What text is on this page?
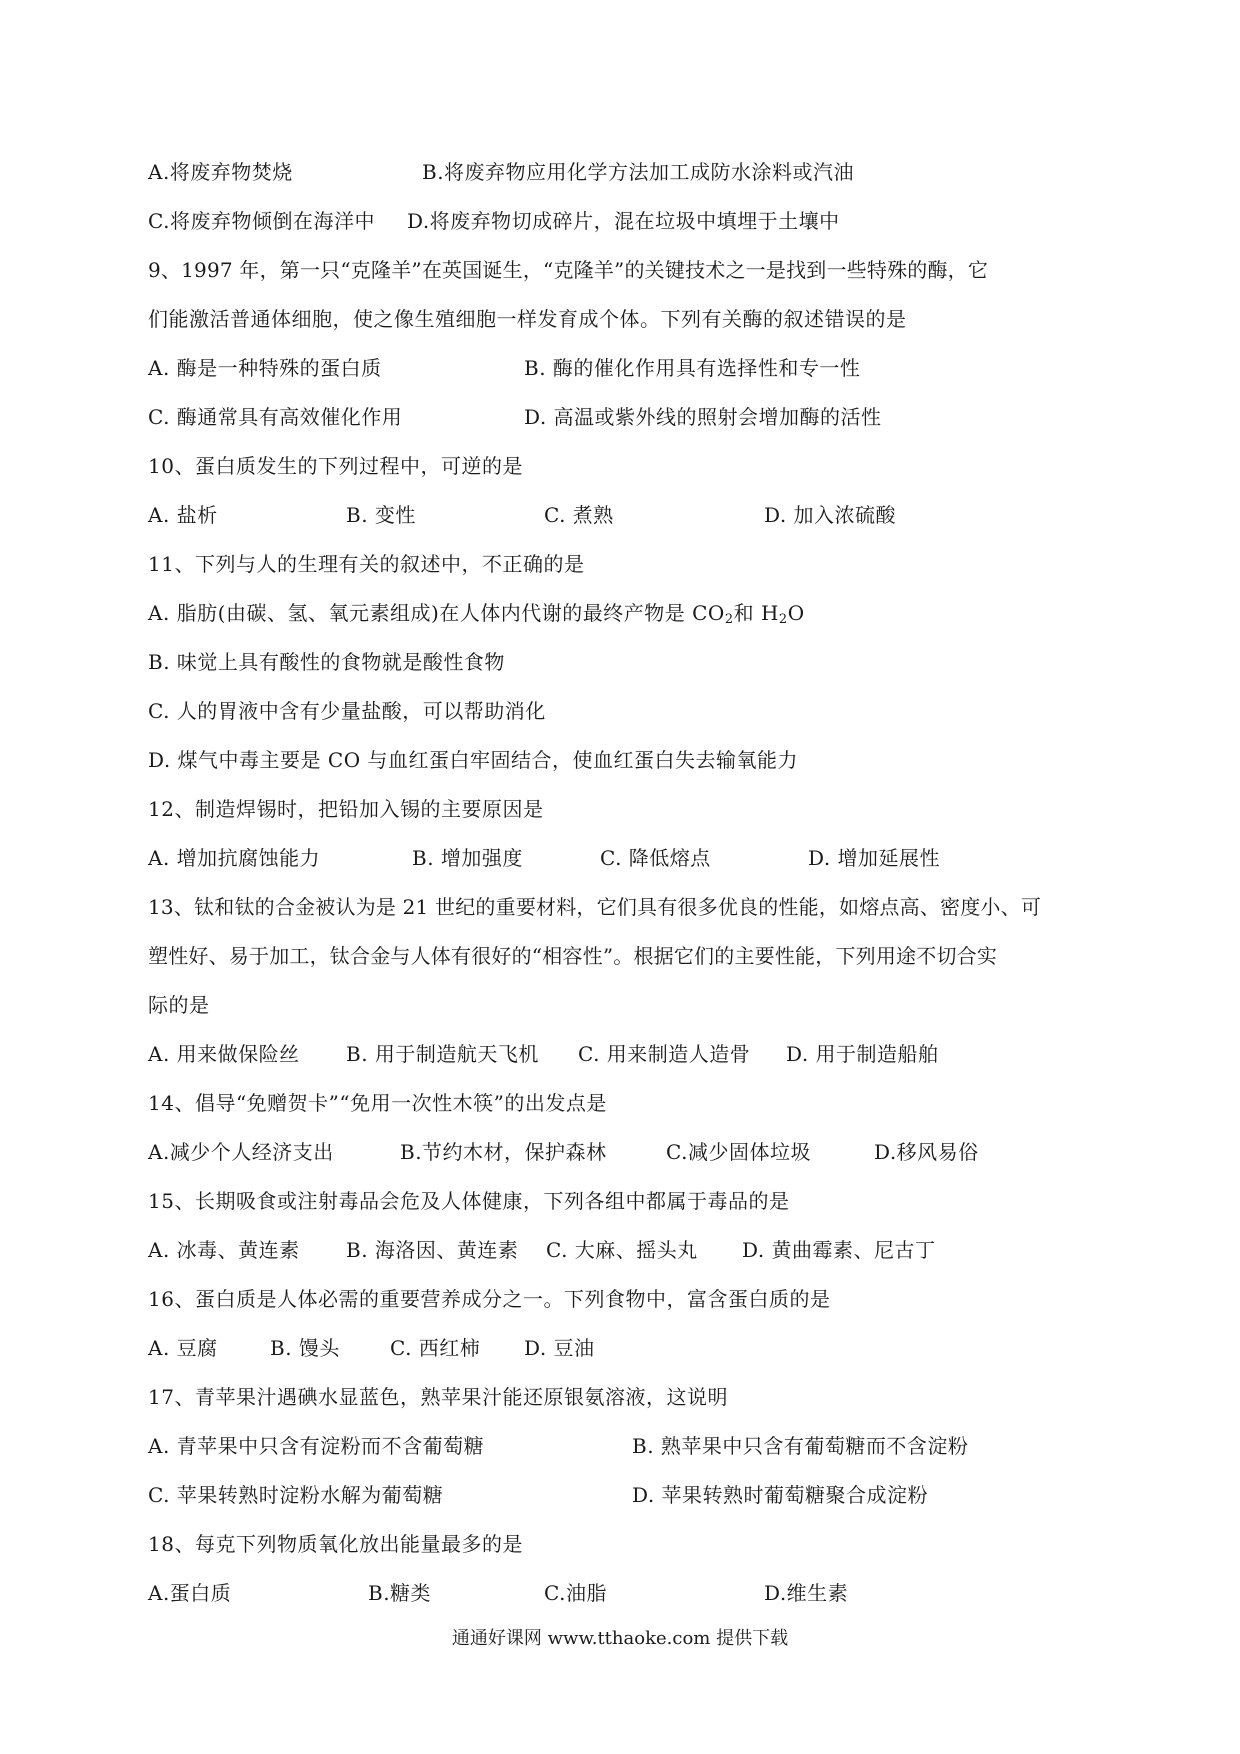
A.将废弃物焚烧	B.将废弃物应用化学方法加工成防水涂料或汽油
C.将废弃物倾倒在海洋中 D.将废弃物切成碎片，混在垃圾中填埋于土壤中
9、1997 年，第一只“克隆羊”在英国诞生，“克隆羊”的关键技术之一是找到一些特殊的酶，它
们能激活普通体细胞，使之像生殖细胞一样发育成个体。下列有关酶的叙述错误的是
A. 酶是一种特殊的蛋白质	B. 酶的催化作用具有选择性和专一性
C. 酶通常具有高效催化作用	D. 高温或紫外线的照射会增加酶的活性
10、蛋白质发生的下列过程中，可逆的是
A. 盐析	B. 变性	C. 煮熟	D. 加入浓硫酸
11、下列与人的生理有关的叙述中，不正确的是
A. 脂肪(由碳、氢、氧元素组成)在人体内代谢的最终产物是 $CO_2$和 $H_2O$
B. 味觉上具有酸性的食物就是酸性食物
C. 人的胃液中含有少量盐酸，可以帮助消化
D. 煤气中毒主要是 CO 与血红蛋白牢固结合，使血红蛋白失去输氧能力
12、制造焊锡时，把铅加入锡的主要原因是
A. 增加抗腐蚀能力	B. 增加强度	C. 降低熔点	D. 增加延展性
13、钛和钛的合金被认为是 21 世纪的重要材料，它们具有很多优良的性能，如熔点高、密度小、可
塑性好、易于加工，钛合金与人体有很好的“相容性”。根据它们的主要性能，下列用途不切合实
际的是
A. 用来做保险丝 B. 用于制造航天飞机 C. 用来制造人造骨 D. 用于制造船舶
14、倡导“免赠贺卡”“免用一次性木筷”的出发点是
A.减少个人经济支出	B.节约木材，保护森林	C.减少固体垃圾	D.移风易俗
15、长期吸食或注射毒品会危及人体健康，下列各组中都属于毒品的是
A. 冰毒、黄连素 B. 海洛因、黄连素 C. 大麻、摇头丸 D. 黄曲霉素、尼古丁
16、蛋白质是人体必需的重要营养成分之一。下列食物中，富含蛋白质的是
A. 豆腐	B. 馒头	C. 西红柿 D. 豆油
17、青苹果汁遇碘水显蓝色，熟苹果汁能还原银氨溶液，这说明
A. 青苹果中只含有淀粉而不含葡萄糖	B. 熟苹果中只含有葡萄糖而不含淀粉
C. 苹果转熟时淀粉水解为葡萄糖	D. 苹果转熟时葡萄糖聚合成淀粉
18、每克下列物质氧化放出能量最多的是
A.蛋白质	B.糖类	C.油脂	D.维生素
通通好课网 www.tthaoke.com 提供下载
